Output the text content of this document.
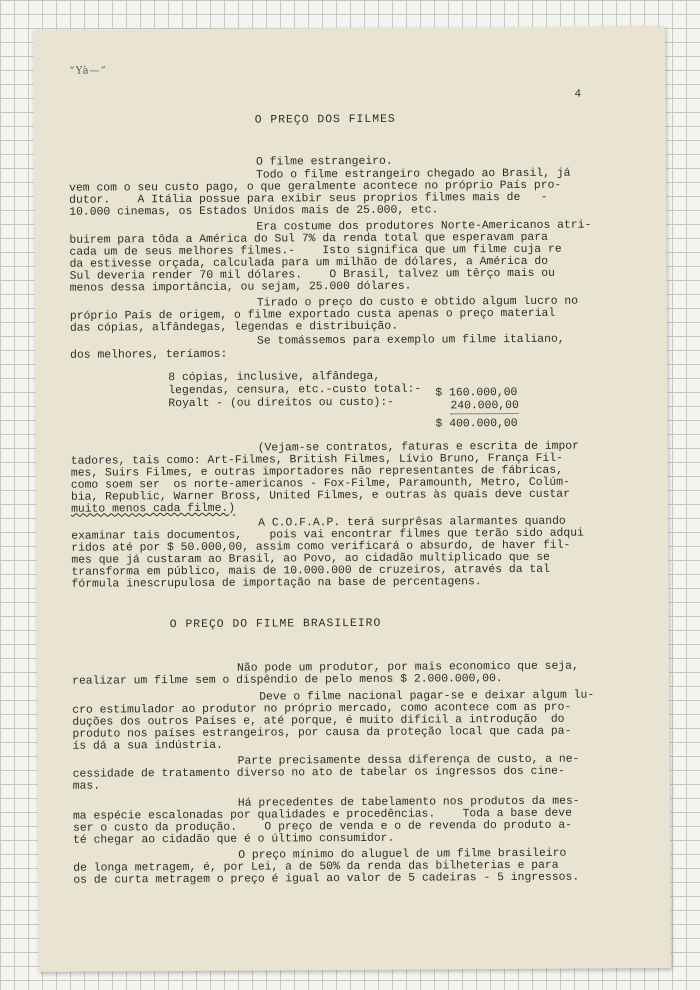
“Yà—”
4
O PREÇO DOS FILMES
O filme estrangeiro.
Todo o filme estrangeiro chegado ao Brasil, já
vem com o seu custo pago, o que geralmente acontece no próprio País pro-
dutor.    A Itália possue para exibir seus proprios filmes mais de   -
10.000 cinemas, os Estados Unidos mais de 25.000, etc.
Era costume dos produtores Norte-Americanos atri-
buirem para tôda a América do Sul 7% da renda total que esperavam para
cada um de seus melhores filmes.-    Isto significa que um filme cuja re
da estivesse orçada, calculada para um milhão de dólares, a América do
Sul deveria render 70 mil dólares.    O Brasil, talvez um têrço mais ou
menos dessa importância, ou sejam, 25.000 dólares.
Tirado o preço do custo e obtido algum lucro no
próprio País de origem, o filme exportado custa apenas o preço material
das cópias, alfândegas, legendas e distribuição.
Se tomássemos para exemplo um filme italiano,
dos melhores, teríamos:
8 cópias, inclusive, alfândega,
legendas, censura, etc.-custo total:-
Royalt - (ou direitos ou custo):-
$ 160.000,00
240.000,00
$ 400.000,00
(Vejam-se contratos, faturas e escrita de impor
tadores, tais como: Art-Filmes, British Filmes, Lívio Bruno, França Fil-
mes, Suirs Filmes, e outras importadores não representantes de fábricas,
como soem ser  os norte-americanos - Fox-Filme, Paramounth, Metro, Colúm-
bia, Republic, Warner Bross, United Filmes, e outras às quais deve custar
muito menos cada filme.)
A C.O.F.A.P. terá surprêsas alarmantes quando
examinar tais documentos,    pois vai encontrar filmes que terão sido adqui
ridos até por $ 50.000,00, assim como verificará o absurdo, de haver fil-
mes que já custaram ao Brasil, ao Povo, ao cidadão multiplicado que se
transforma em público, mais de 10.000.000 de cruzeiros, através da tal
fórmula inescrupulosa de importação na base de percentagens.
O PREÇO DO FILME BRASILEIRO
Não pode um produtor, por mais economico que seja,
realizar um filme sem o dispêndio de pelo menos $ 2.000.000,00.
Deve o filme nacional pagar-se e deixar algum lu-
cro estimulador ao produtor no próprio mercado, como acontece com as pro-
duções dos outros Países e, até porque, é muito difícil a introdução  do
produto nos países estrangeiros, por causa da proteção local que cada pa-
ís dá a sua indústria.
Parte precisamente dessa diferença de custo, a ne-
cessidade de tratamento diverso no ato de tabelar os ingressos dos cine-
mas.
Há precedentes de tabelamento nos produtos da mes-
ma espécie escalonadas por qualidades e procedências.    Toda a base deve
ser o custo da produção.    O preço de venda e o de revenda do produto a-
té chegar ao cidadão que é o último consumidor.
O preço mínimo do aluguel de um filme brasileiro
de longa metragem, é, por Lei, a de 50% da renda das bilheterias e para
os de curta metragem o preço é igual ao valor de 5 cadeiras - 5 ingressos.
